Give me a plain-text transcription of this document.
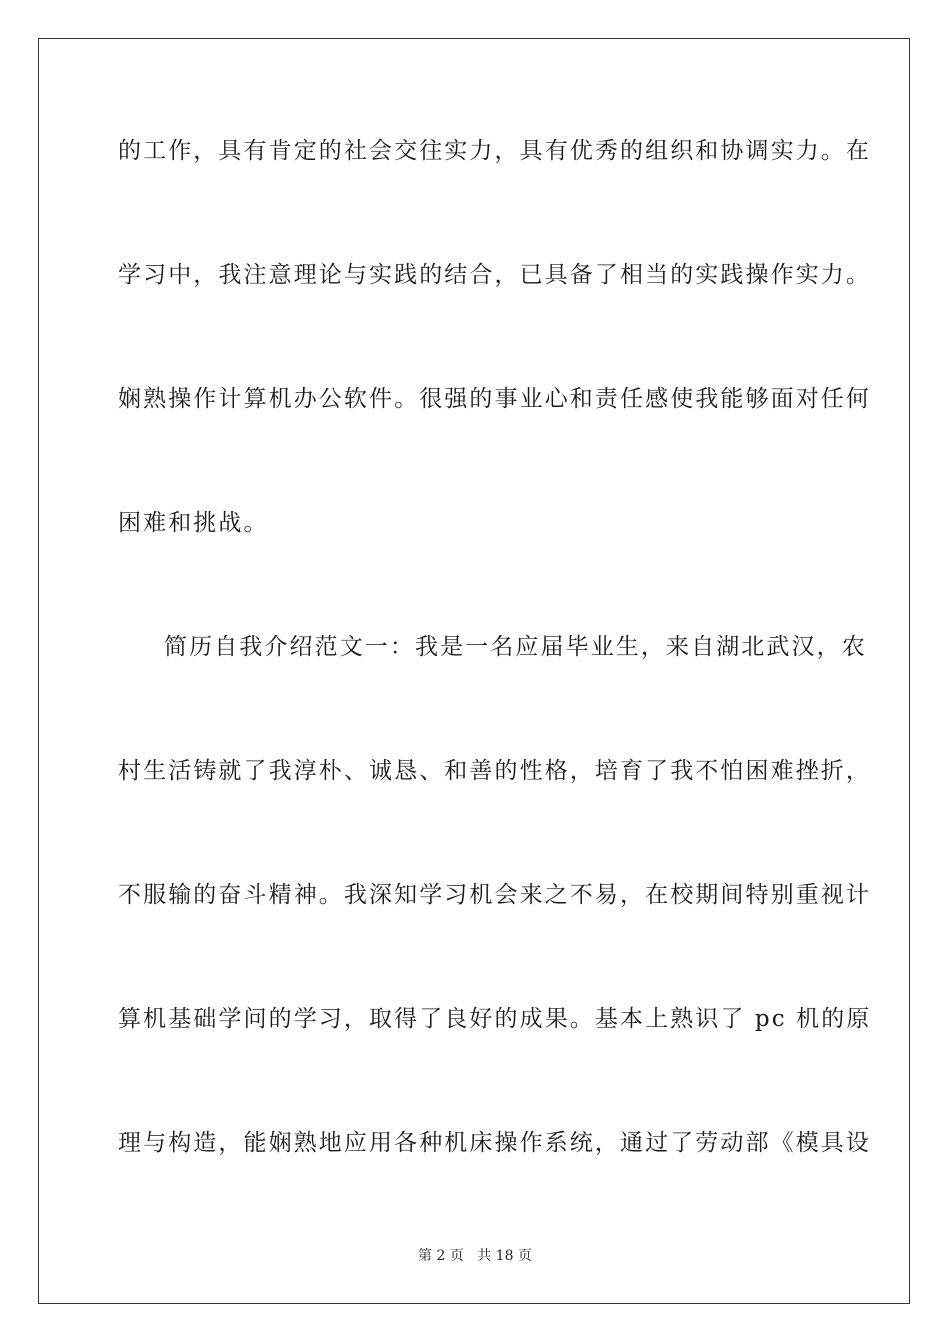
的工作，具有肯定的社会交往实力，具有优秀的组织和协调实力。在
学习中，我注意理论与实践的结合，已具备了相当的实践操作实力。
娴熟操作计算机办公软件。很强的事业心和责任感使我能够面对任何
困难和挑战。
简历自我介绍范文一：我是一名应届毕业生，来自湖北武汉，农
村生活铸就了我淳朴、诚恳、和善的性格，培育了我不怕困难挫折，
不服输的奋斗精神。我深知学习机会来之不易，在校期间特别重视计
算机基础学问的学习，取得了良好的成果。基本上熟识了 pc 机的原
理与构造，能娴熟地应用各种机床操作系统，通过了劳动部《模具设
第 2 页 共 18 页
